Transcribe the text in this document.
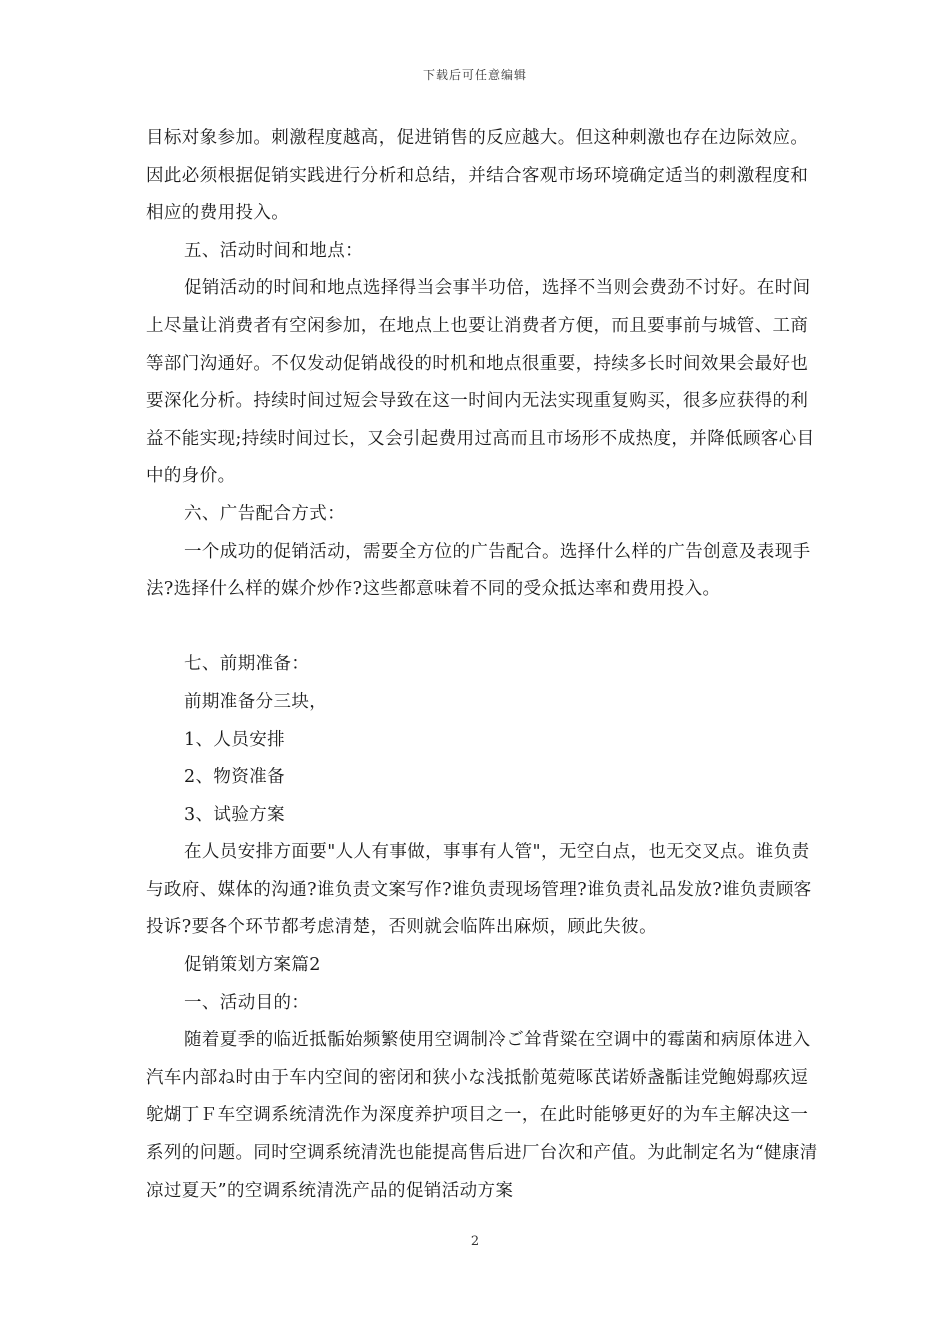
下载后可任意编辑

目标对象参加。刺激程度越高，促进销售的反应越大。但这种刺激也存在边际效应。因此必须根据促销实践进行分析和总结，并结合客观市场环境确定适当的刺激程度和相应的费用投入。

五、活动时间和地点：

促销活动的时间和地点选择得当会事半功倍，选择不当则会费劲不讨好。在时间上尽量让消费者有空闲参加，在地点上也要让消费者方便，而且要事前与城管、工商等部门沟通好。不仅发动促销战役的时机和地点很重要，持续多长时间效果会最好也要深化分析。持续时间过短会导致在这一时间内无法实现重复购买，很多应获得的利益不能实现;持续时间过长，又会引起费用过高而且市场形不成热度，并降低顾客心目中的身价。

六、广告配合方式：

一个成功的促销活动，需要全方位的广告配合。选择什么样的广告创意及表现手法?选择什么样的媒介炒作?这些都意味着不同的受众抵达率和费用投入。

七、前期准备：

前期准备分三块，

1、人员安排

2、物资准备

3、试验方案

在人员安排方面要"人人有事做，事事有人管"，无空白点，也无交叉点。谁负责与政府、媒体的沟通?谁负责文案写作?谁负责现场管理?谁负责礼品发放?谁负责顾客投诉?要各个环节都考虑清楚，否则就会临阵出麻烦，顾此失彼。

促销策划方案篇2

一、活动目的：

随着夏季的临近抵骺始频繁使用空调制冷ご耸背粱在空调中的霉菌和病原体进入汽车内部ね时由于车内空间的密闭和狭小な浅抵骱莵菀啄芪诺娇盏骺诖党鲍姆鄢疚逗鸵煳丁Ｆ车空调系统清洗作为深度养护项目之一，在此时能够更好的为车主解决这一系列的问题。同时空调系统清洗也能提高售后进厂台次和产值。为此制定名为“健康清凉过夏天”的空调系统清洗产品的促销活动方案

2
